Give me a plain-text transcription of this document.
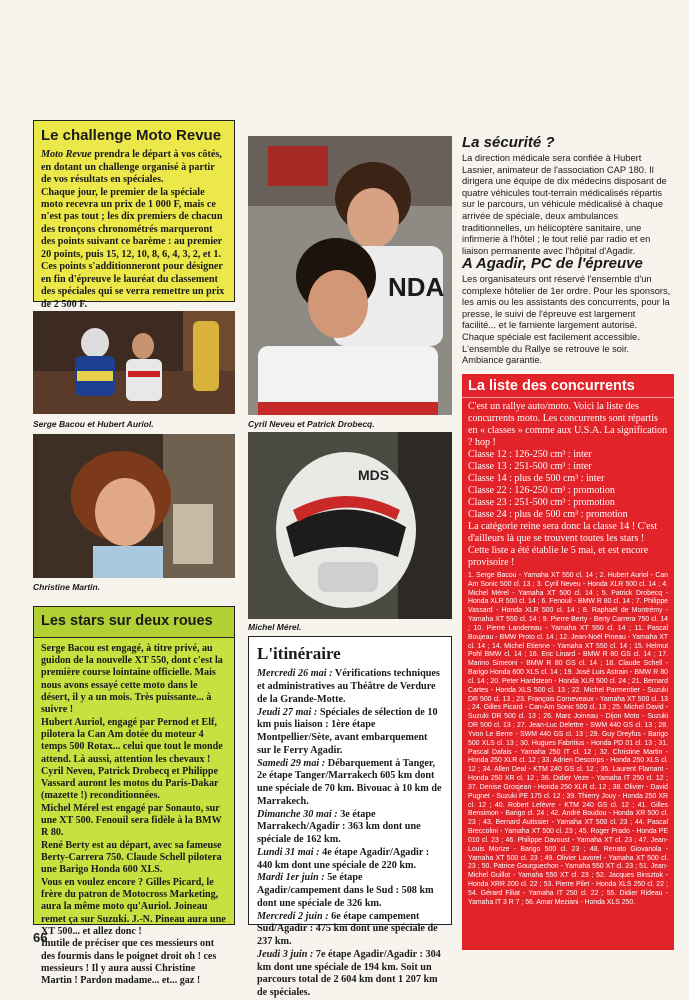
Le challenge Moto Revue

Moto Revue prendra le départ à vos côtés, en dotant un challenge organisé à partir de vos résultats en spéciales.

Chaque jour, le premier de la spéciale moto recevra un prix de 1 000 F, mais ce n'est pas tout ; les dix premiers de chacun des tronçons chronométrés marqueront des points suivant ce barème : au premier 20 points, puis 15, 12, 10, 8, 6, 4, 3, 2, et 1. Ces points s'additionneront pour désigner en fin d'épreuve le lauréat du classement des spéciales qui se verra remettre un prix de 2 500 F.

Serge Bacou et Hubert Auriol.
Christine Martin.
Les stars sur deux roues

Serge Bacou est engagé, à titre privé, au guidon de la nouvelle XT 550, dont c'est la première course lointaine officielle. Mais nous avons essayé cette moto dans le désert, il y a un mois. Très puissante... à suivre !

Hubert Auriol, engagé par Pernod et Elf, pilotera la Can Am dotée du moteur 4 temps 500 Rotax... celui que tout le monde attend. Là aussi, attention les chevaux !

Cyril Neveu, Patrick Drobecq et Philippe Vassard auront les motos du Paris-Dakar (mazette !) reconditionnées.

Michel Mérel est engagé par Sonauto, sur une XT 500. Fenouil sera fidèle à la BMW R 80.

René Berty est au départ, avec sa fameuse Berty-Carrera 750. Claude Schell pilotera une Barigo Honda 600 XLS.

Vous en voulez encore ? Gilles Picard, le frère du patron de Motocross Marketing, aura la même moto qu'Auriol. Joineau remet ça sur Suzuki. J.-N. Pineau aura une XT 500... et allez donc !

Inutile de préciser que ces messieurs ont des fourmis dans le poignet droit oh ! ces messieurs ! Il y aura aussi Christine Martin ! Pardon madame... et... gaz !

66
NDA
Cyril Neveu et Patrick Drobecq.
MDS
Michel Mérel.
L'itinéraire

Mercredi 26 mai : Vérifications techniques et administratives au Théâtre de Verdure de la Grande-Motte.

Jeudi 27 mai : Spéciales de sélection de 10 km puis liaison : 1ère étape Montpellier/Sète, avant embarquement sur le Ferry Agadir.

Samedi 29 mai : Débarquement à Tanger, 2e étape Tanger/Marrakech 605 km dont une spéciale de 70 km. Bivouac à 10 km de Marrakech.

Dimanche 30 mai : 3e étape Marrakech/Agadir : 363 km dont une spéciale de 162 km.

Lundi 31 mai : 4e étape Agadir/Agadir : 440 km dont une spéciale de 220 km.

Mardi 1er juin : 5e étape Agadir/campement dans le Sud : 508 km dont une spéciale de 326 km.

Mercredi 2 juin : 6e étape campement Sud/Agadir : 475 km dont une spéciale de 237 km.

Jeudi 3 juin : 7e étape Agadir/Agadir : 304 km dont une spéciale de 194 km. Soit un parcours total de 2 604 km dont 1 207 km de spéciales.

La sécurité ?
La direction médicale sera confiée à Hubert Lasnier, animateur de l'association CAP 180. Il dirigera une équipe de dix médecins disposant de quatre véhicules tout-terrain médicalisés répartis sur le parcours, un véhicule médicalisé à chaque arrivée de spéciale, deux ambulances traditionnelles, un hélicoptère sanitaire, une infirmerie à l'hôtel ; le tout relié par radio et en liaison permanente avec l'hôpital d'Agadir.
A Agadir, PC de l'épreuve
Les organisateurs ont réservé l'ensemble d'un complexe hôtelier de 1er ordre. Pour les sponsors, les amis ou les assistants des concurrents, pour la presse, le suivi de l'épreuve est largement facilité... et le farniente largement autorisé. Chaque spéciale est facilement accessible. L'ensemble du Rallye se retrouve le soir. Ambiance garantie.
La liste des concurrents
C'est un rallye auto/moto. Voici la liste des concurrents moto. Les concurrents sont répartis en « classes » comme aux U.S.A. La signification ? hop !
Classe 12 : 126-250 cm³ : inter
Classe 13 : 251-500 cm³ : inter
Classe 14 : plus de 500 cm³ : inter
Classe 22 : 126-250 cm³ : promotion
Classe 23 : 251-500 cm³ : promotion
Classe 24 : plus de 500 cm³ : promotion
La catégorie reine sera donc la classe 14 ! C'est d'ailleurs là que se trouvent toutes les stars !
Cette liste a été établie le 5 mai, et est encore provisoire !
1. Serge Bacou - Yamaha XT 550 cl. 14 ; 2. Hubert Auriol - Can Am Sonic 500 cl. 13 ; 3. Cyril Neveu - Honda XLR 500 cl. 14 ; 4. Michel Mérel - Yamaha XT 500 cl. 14 ; 5. Patrick Drobecq - Honda XLR 500 cl. 14 ; 6. Fenouil - BMW R 80 cl. 14 ; 7. Philippe Vassard - Honda XLR 500 cl. 14 ; 8. Raphaël de Montrémy - Yamaha XT 550 cl. 14 ; 9. Pierre Berty - Berty Carrera 750 cl. 14 ; 10. Pierre Landereau - Yamaha XT 550 cl. 14 ; 11. Pascal Boujeau - BMW Proto cl. 14 ; 12. Jean-Noël Pineau - Yamaha XT cl. 14 ; 14. Michel Etienne - Yamaha XT 550 cl. 14 ; 15. Helmut Pohl BMW cl. 14 ; 16. Eric Linard - BMW R 80 GS cl. 14 ; 17. Marino Simeoni - BMW R 80 GS cl. 14 ; 18. Claude Schell - Barigo Honda 600 XLS cl. 14 ; 19. José Luis Astrain - BMW R 80 cl. 14 ; 20. Peter Hardstean - Honda XLR 500 cl. 24 ; 21. Bernard Cartes - Honda XLS 500 cl. 13 ; 22. Michel Parmentier - Suzuki DR 500 cl. 13 ; 23. François Corneveaux - Yamaha XT 500 cl. 13 ; 24. Gilles Picard - Can-Am Sonic 500 cl. 13 ; 25. Michel David - Suzuki DR 500 cl. 13 ; 26. Marc Joineau - Dijon Moto - Suzuki DR 500 cl. 13 ; 27. Jean-Luc Delettre - SWM 440 GS cl. 13 ; 28. Yvon Le Berre - SWM 440 GS cl. 13 ; 29. Guy Dreyfus - Barigo 500 XLS cl. 13 ; 30. Hugues Fabritius - Honda PD 01 cl. 13 ; 31. Pascal Dafais - Yamaha 250 IT cl. 12 ; 32. Christine Martin - Honda 250 XLR cl. 12 ; 33. Adrien Descorps - Honda 250 XLS cl. 12 ; 34. Allen Deal - KTM 240 GS cl. 12 ; 35. Laurent Flamant - Honda 250 XR cl. 12 ; 36. Didier Veze - Yamaha IT 250 cl. 12 ; 37. Denise Grosjean - Honda 250 XLR cl. 12 ; 38. Olivier - David Pugnet - Suzuki PE 175 cl. 12 ; 39. Thierry Jouy - Honda 250 XR cl. 12 ; 40. Robert Lefèvre - KTM 240 GS cl. 12 ; 41. Gilles Bensimon - Barigo cl. 24 ; 42. André Boudou - Honda XR 500 cl. 23 ; 43. Bernard Autissier - Yamaha XT 500 cl. 23 ; 44. Pascal Breccolini - Yamaha XT 500 cl. 23 ; 45. Roger Prado - Honda PE 010 cl. 23 ; 46. Philippe Davoust - Yamaha XT cl. 23 ; 47. Jean-Louis Morize - Barigo 500 cl. 23 ; 48. Renato Giovanola - Yamaha XT 500 cl. 23 ; 49. Olivier Lavorel - Yamaha XT 500 cl. 23 ; 50. Patrice Gourguechon - Yamaha 550 XT cl. 23 ; 51. Jean-Michel Guillot - Yamaha 550 XT cl. 23 ; 52. Jacques Binsztok - Honda XRR 200 cl. 22 ; 53. Pierre Pilet - Honda XLS 250 cl. 22 ; 54. Gérard Filiat - Yamaha IT 250 cl. 22 ; 55. Didier Rideau - Yamaha IT 3 R 7 ; 56. Amar Meziani - Honda XLS 250.
